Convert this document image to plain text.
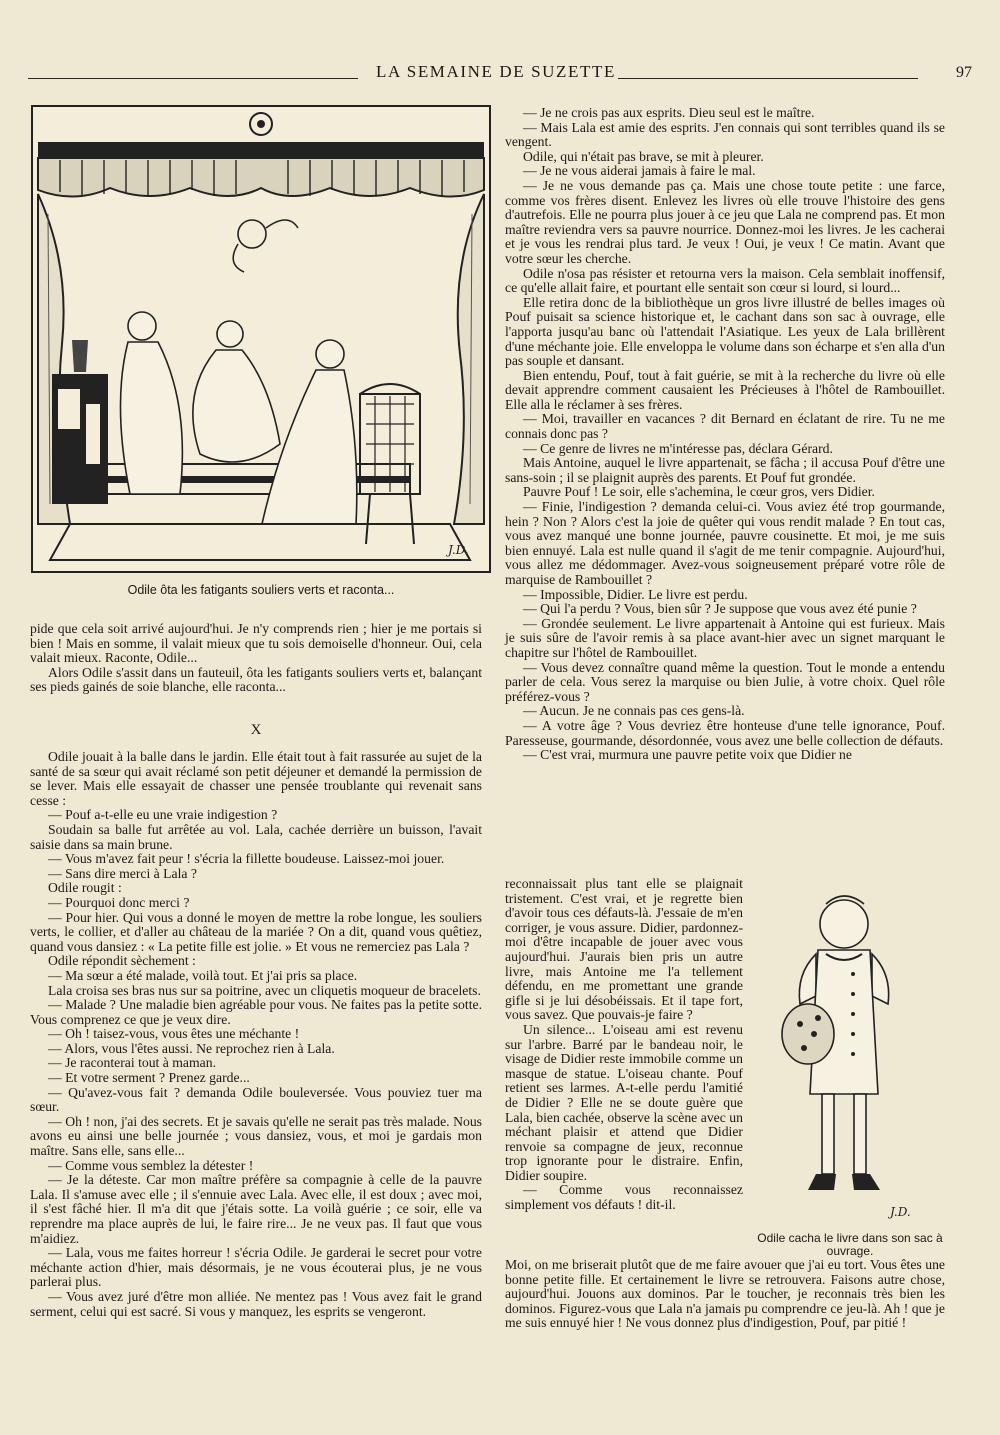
LA SEMAINE DE SUZETTE	97
J.D.
Odile ôta les fatigants souliers verts et raconta...

pide que cela soit arrivé aujourd'hui. Je n'y comprends rien ; hier je me portais si bien ! Mais en somme, il valait mieux que tu sois demoiselle d'honneur. Oui, cela valait mieux. Raconte, Odile...

Alors Odile s'assit dans un fauteuil, ôta les fatigants souliers verts et, balançant ses pieds gainés de soie blanche, elle raconta...

X

Odile jouait à la balle dans le jardin. Elle était tout à fait rassurée au sujet de la santé de sa sœur qui avait réclamé son petit déjeuner et demandé la permission de se lever. Mais elle essayait de chasser une pensée troublante qui revenait sans cesse :

— Pouf a-t-elle eu une vraie indigestion ?

Soudain sa balle fut arrêtée au vol. Lala, cachée derrière un buisson, l'avait saisie dans sa main brune.

— Vous m'avez fait peur ! s'écria la fillette boudeuse. Laissez-moi jouer.

— Sans dire merci à Lala ?

Odile rougit :

— Pourquoi donc merci ?

— Pour hier. Qui vous a donné le moyen de mettre la robe longue, les souliers verts, le collier, et d'aller au château de la mariée ? On a dit, quand vous quêtiez, quand vous dansiez : « La petite fille est jolie. » Et vous ne remerciez pas Lala ?

Odile répondit sèchement :

— Ma sœur a été malade, voilà tout. Et j'ai pris sa place.

Lala croisa ses bras nus sur sa poitrine, avec un cliquetis moqueur de bracelets.

— Malade ? Une maladie bien agréable pour vous. Ne faites pas la petite sotte. Vous comprenez ce que je veux dire.

— Oh ! taisez-vous, vous êtes une méchante !

— Alors, vous l'êtes aussi. Ne reprochez rien à Lala.

— Je raconterai tout à maman.

— Et votre serment ? Prenez garde...

— Qu'avez-vous fait ? demanda Odile bouleversée. Vous pouviez tuer ma sœur.

— Oh ! non, j'ai des secrets. Et je savais qu'elle ne serait pas très malade. Nous avons eu ainsi une belle journée ; vous dansiez, vous, et moi je gardais mon maître. Sans elle, sans elle...

— Comme vous semblez la détester !

— Je la déteste. Car mon maître préfère sa compagnie à celle de la pauvre Lala. Il s'amuse avec elle ; il s'ennuie avec Lala. Avec elle, il est doux ; avec moi, il s'est fâché hier. Il m'a dit que j'étais sotte. La voilà guérie ; ce soir, elle va reprendre ma place auprès de lui, le faire rire... Je ne veux pas. Il faut que vous m'aidiez.

— Lala, vous me faites horreur ! s'écria Odile. Je garderai le secret pour votre méchante action d'hier, mais désormais, je ne vous écouterai plus, je ne vous parlerai plus.

— Vous avez juré d'être mon alliée. Ne mentez pas ! Vous avez fait le grand serment, celui qui est sacré. Si vous y manquez, les esprits se vengeront.

— Je ne crois pas aux esprits. Dieu seul est le maître.

— Mais Lala est amie des esprits. J'en connais qui sont terribles quand ils se vengent.

Odile, qui n'était pas brave, se mit à pleurer.

— Je ne vous aiderai jamais à faire le mal.

— Je ne vous demande pas ça. Mais une chose toute petite : une farce, comme vos frères disent. Enlevez les livres où elle trouve l'histoire des gens d'autrefois. Elle ne pourra plus jouer à ce jeu que Lala ne comprend pas. Et mon maître reviendra vers sa pauvre nourrice. Donnez-moi les livres. Je les cacherai et je vous les rendrai plus tard. Je veux ! Oui, je veux ! Ce matin. Avant que votre sœur les cherche.

Odile n'osa pas résister et retourna vers la maison. Cela semblait inoffensif, ce qu'elle allait faire, et pourtant elle sentait son cœur si lourd, si lourd...

Elle retira donc de la bibliothèque un gros livre illustré de belles images où Pouf puisait sa science historique et, le cachant dans son sac à ouvrage, elle l'apporta jusqu'au banc où l'attendait l'Asiatique. Les yeux de Lala brillèrent d'une méchante joie. Elle enveloppa le volume dans son écharpe et s'en alla d'un pas souple et dansant.

Bien entendu, Pouf, tout à fait guérie, se mit à la recherche du livre où elle devait apprendre comment causaient les Précieuses à l'hôtel de Rambouillet. Elle alla le réclamer à ses frères.

— Moi, travailler en vacances ? dit Bernard en éclatant de rire. Tu ne me connais donc pas ?

— Ce genre de livres ne m'intéresse pas, déclara Gérard.

Mais Antoine, auquel le livre appartenait, se fâcha ; il accusa Pouf d'être une sans-soin ; il se plaignit auprès des parents. Et Pouf fut grondée.

Pauvre Pouf ! Le soir, elle s'achemina, le cœur gros, vers Didier.

— Finie, l'indigestion ? demanda celui-ci. Vous aviez été trop gourmande, hein ? Non ? Alors c'est la joie de quêter qui vous rendit malade ? En tout cas, vous avez manqué une bonne journée, pauvre cousinette. Et moi, je me suis bien ennuyé. Lala est nulle quand il s'agit de me tenir compagnie. Aujourd'hui, vous allez me dédommager. Avez-vous soigneusement préparé votre rôle de marquise de Rambouillet ?

— Impossible, Didier. Le livre est perdu.

— Qui l'a perdu ? Vous, bien sûr ? Je suppose que vous avez été punie ?

— Grondée seulement. Le livre appartenait à Antoine qui est furieux. Mais je suis sûre de l'avoir remis à sa place avant-hier avec un signet marquant le chapitre sur l'hôtel de Rambouillet.

— Vous devez connaître quand même la question. Tout le monde a entendu parler de cela. Vous serez la marquise ou bien Julie, à votre choix. Quel rôle préférez-vous ?

— Aucun. Je ne connais pas ces gens-là.

— A votre âge ? Vous devriez être honteuse d'une telle ignorance, Pouf. Paresseuse, gourmande, désordonnée, vous avez une belle collection de défauts.

— C'est vrai, murmura une pauvre petite voix que Didier ne

reconnaissait plus tant elle se plaignait tristement. C'est vrai, et je regrette bien d'avoir tous ces défauts-là. J'essaie de m'en corriger, je vous assure. Didier, pardonnez-moi d'être incapable de jouer avec vous aujourd'hui. J'aurais bien pris un autre livre, mais Antoine me l'a tellement défendu, en me promettant une grande gifle si je lui désobéissais. Et il tape fort, vous savez. Que pouvais-je faire ?

Un silence... L'oiseau ami est revenu sur l'arbre. Barré par le bandeau noir, le visage de Didier reste immobile comme un masque de statue. L'oiseau chante. Pouf retient ses larmes. A-t-elle perdu l'amitié de Didier ? Elle ne se doute guère que Lala, bien cachée, observe la scène avec un méchant plaisir et attend que Didier renvoie sa compagne de jeux, reconnue trop ignorante pour le distraire. Enfin, Didier soupire.

— Comme vous reconnaissez simplement vos défauts ! dit-il.	J.D.
Odile cacha le livre dans son sac à ouvrage.

Moi, on me briserait plutôt que de me faire avouer que j'ai eu tort. Vous êtes une bonne petite fille. Et certainement le livre se retrouvera. Faisons autre chose, aujourd'hui. Jouons aux dominos. Par le toucher, je reconnais très bien les dominos. Figurez-vous que Lala n'a jamais pu comprendre ce jeu-là. Ah ! que je me suis ennuyé hier ! Ne vous donnez plus d'indigestion, Pouf, par pitié !
